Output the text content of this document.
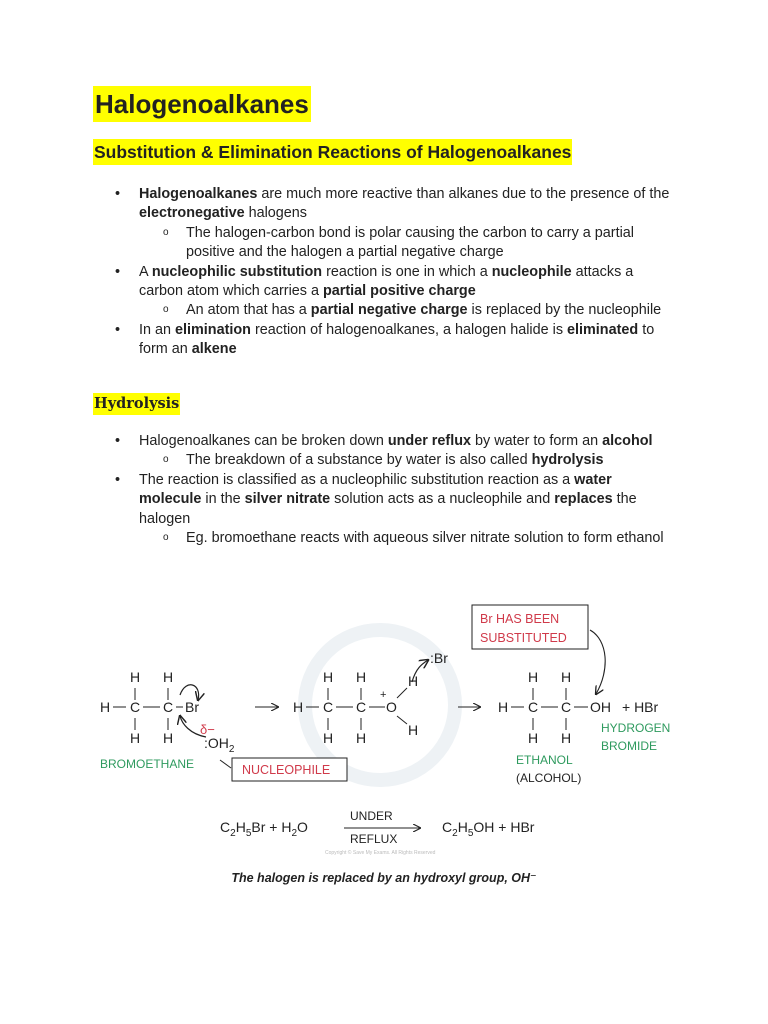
Halogenoalkanes
Substitution & Elimination Reactions of Halogenoalkanes
• Halogenoalkanes are much more reactive than alkanes due to the presence of the electronegative halogens
o The halogen-carbon bond is polar causing the carbon to carry a partial positive and the halogen a partial negative charge
• A nucleophilic substitution reaction is one in which a nucleophile attacks a carbon atom which carries a partial positive charge
o An atom that has a partial negative charge is replaced by the nucleophile
• In an elimination reaction of halogenoalkanes, a halogen halide is eliminated to form an alkene
Hydrolysis
• Halogenoalkanes can be broken down under reflux by water to form an alcohol
o The breakdown of a substance by water is also called hydrolysis
• The reaction is classified as a nucleophilic substitution reaction as a water molecule in the silver nitrate solution acts as a nucleophile and replaces the halogen
o Eg. bromoethane reacts with aqueous silver nitrate solution to form ethanol
H H
H C C Br
H H
δ−
$:OH_2$
BROMOETHANE	NUCLEOPHILE
H H
H C C O
+
H H
H
H
:Br
H H
H C C OH + HBr
H H
Br HAS BEEN
SUBSTITUTED
ETHANOL
(ALCOHOL)
HYDROGEN
BROMIDE
$C_2H_5Br + H_2O$
UNDER
REFLUX
$C_2H_5OH$ + HBr
Copyright © Save My Exams. All Rights Reserved
The halogen is replaced by an hydroxyl group, OH⁻
